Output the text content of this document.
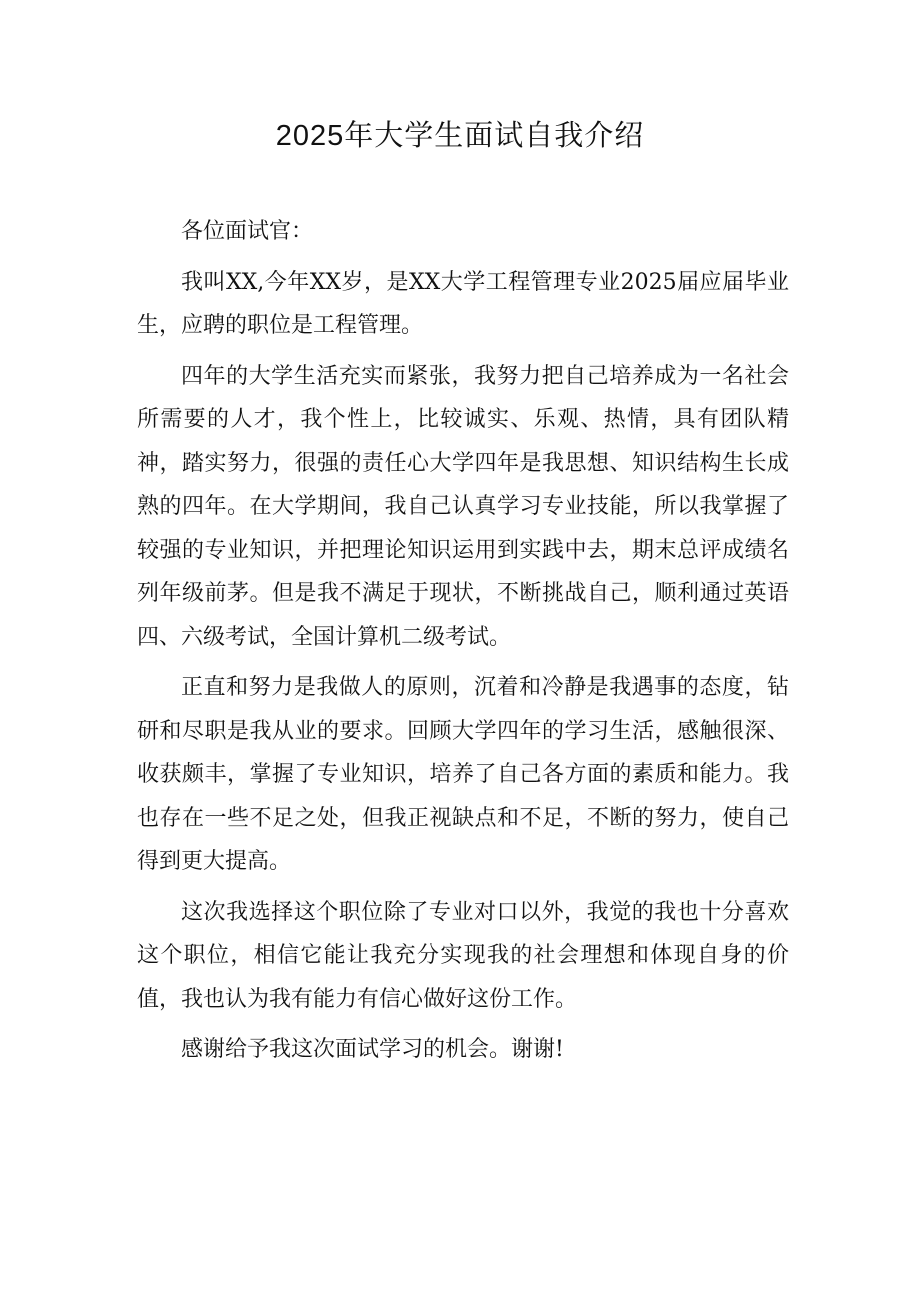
2025年大学生面试自我介绍

各位面试官：

我叫XX,今年XX岁，是XX大学工程管理专业2025届应届毕业生，应聘的职位是工程管理。

四年的大学生活充实而紧张，我努力把自己培养成为一名社会所需要的人才，我个性上，比较诚实、乐观、热情，具有团队精神，踏实努力，很强的责任心大学四年是我思想、知识结构生长成熟的四年。在大学期间，我自己认真学习专业技能，所以我掌握了较强的专业知识，并把理论知识运用到实践中去，期末总评成绩名列年级前茅。但是我不满足于现状，不断挑战自己，顺利通过英语四、六级考试，全国计算机二级考试。

正直和努力是我做人的原则，沉着和冷静是我遇事的态度，钻研和尽职是我从业的要求。回顾大学四年的学习生活，感触很深、收获颇丰，掌握了专业知识，培养了自己各方面的素质和能力。我也存在一些不足之处，但我正视缺点和不足，不断的努力，使自己得到更大提高。

这次我选择这个职位除了专业对口以外，我觉的我也十分喜欢这个职位，相信它能让我充分实现我的社会理想和体现自身的价值，我也认为我有能力有信心做好这份工作。

感谢给予我这次面试学习的机会。谢谢!
